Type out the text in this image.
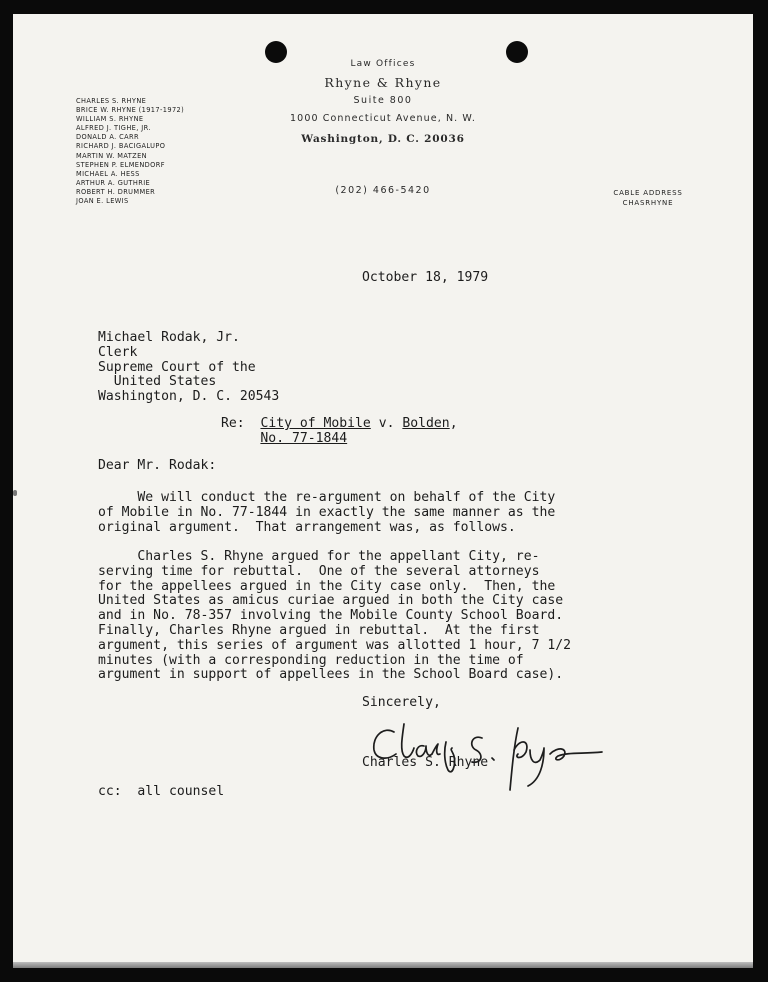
CHARLES S. RHYNE
BRICE W. RHYNE (1917-1972)
WILLIAM S. RHYNE
ALFRED J. TIGHE, JR.
DONALD A. CARR
RICHARD J. BACIGALUPO
MARTIN W. MATZEN
STEPHEN P. ELMENDORF
MICHAEL A. HESS
ARTHUR A. GUTHRIE
ROBERT H. DRUMMER
JOAN E. LEWIS
Law Offices
Rhyne & Rhyne
Suite 800
1000 Connecticut Avenue, N. W.
Washington, D. C. 20036
(202) 466-5420	CABLE ADDRESS
CHASRHYNE
October 18, 1979
Michael Rodak, Jr.
Clerk
Supreme Court of the
United States
Washington, D. C. 20543
Re: City of Mobile v. Bolden,
No. 77-1844
Dear Mr. Rodak:
We will conduct the re-argument on behalf of the City
of Mobile in No. 77-1844 in exactly the same manner as the
original argument.  That arrangement was, as follows.
Charles S. Rhyne argued for the appellant City, re-
serving time for rebuttal.  One of the several attorneys
for the appellees argued in the City case only.  Then, the
United States as amicus curiae argued in both the City case
and in No. 78-357 involving the Mobile County School Board.
Finally, Charles Rhyne argued in rebuttal.  At the first
argument, this series of argument was allotted 1 hour, 7 1/2
minutes (with a corresponding reduction in the time of
argument in support of appellees in the School Board case).
Sincerely,
Charles S. Rhyne
cc:  all counsel
